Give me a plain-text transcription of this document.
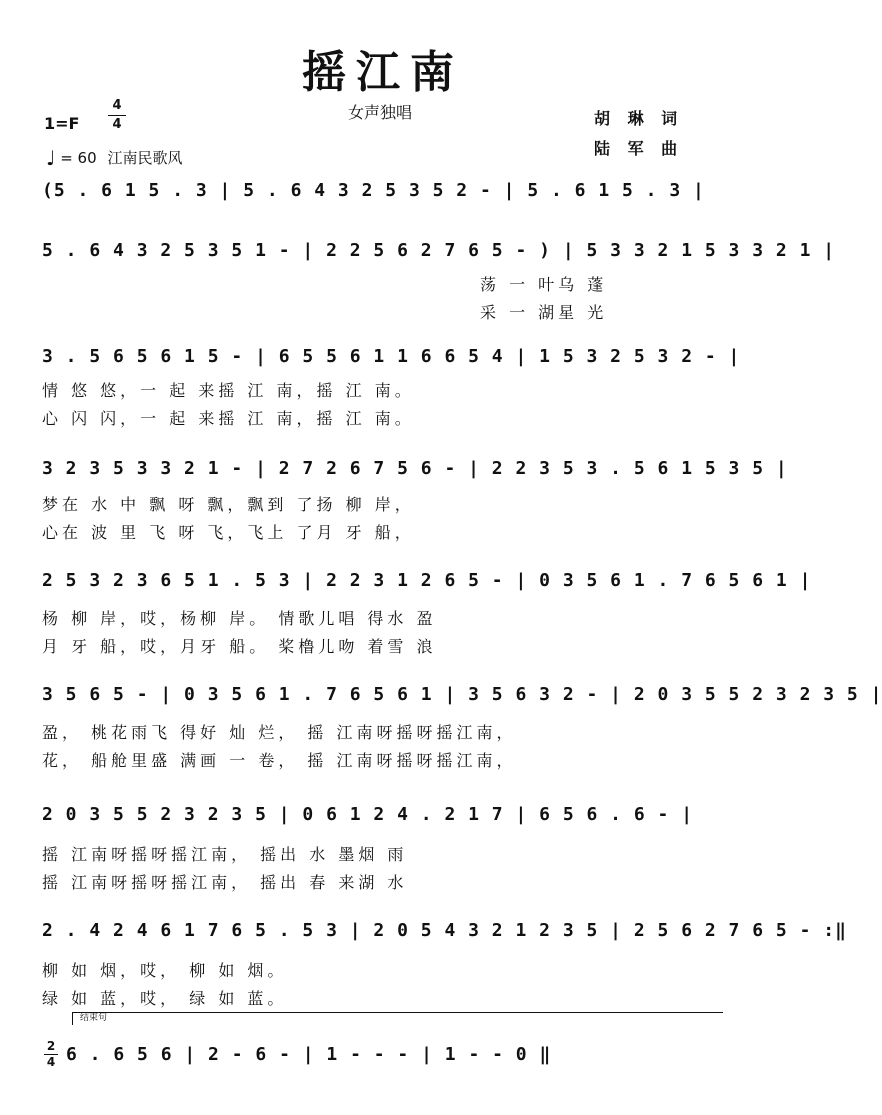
摇江南
女声独唱
1=F
4
4
♩ = 60 江南民歌风
胡 琳 词
陆 军 曲
(5 . 6 1 5 . 3 | 5 . 6 4 3 2 5 3 5 2 - | 5 . 6 1 5 . 3 |
5 . 6 4 3 2 5 3 5 1 - | 2 2 5 6 2 7 6 5 - ) | 5 3 3 2 1 5 3 3 2 1 |
荡 一 叶乌 蓬
采 一 湖星 光
3 . 5 6 5 6 1 5 - | 6 5 5 6 1 1 6 6 5 4 | 1 5 3 2 5 3 2 - |
情 悠 悠，一 起 来摇 江 南，摇 江 南。
心 闪 闪，一 起 来摇 江 南，摇 江 南。
3 2 3 5 3 3 2 1 - | 2 7 2 6 7 5 6 - | 2 2 3 5 3 . 5 6 1 5 3 5 |
梦在 水 中 飘 呀 飘，飘到 了扬 柳 岸，
心在 波 里 飞 呀 飞，飞上 了月 牙 船，
2 5 3 2 3 6 5 1 . 5 3 | 2 2 3 1 2 6 5 - | 0 3 5 6 1 . 7 6 5 6 1 |
杨 柳 岸，哎，杨柳 岸。 情歌儿唱 得水 盈
月 牙 船，哎，月牙 船。 桨橹儿吻 着雪 浪
3 5 6 5 - | 0 3 5 6 1 . 7 6 5 6 1 | 3 5 6 3 2 - | 2 0 3 5 5 2 3 2 3 5 |
盈， 桃花雨飞 得好 灿 烂， 摇 江南呀摇呀摇江南，
花， 船舱里盛 满画 一 卷， 摇 江南呀摇呀摇江南，
2 0 3 5 5 2 3 2 3 5 | 0 6 1 2 4 . 2 1 7 | 6 5 6 . 6 - |
摇 江南呀摇呀摇江南， 摇出 水 墨烟 雨
摇 江南呀摇呀摇江南， 摇出 春 来湖 水
2 . 4 2 4 6 1 7 6 5 . 5 3 | 2 0 5 4 3 2 1 2 3 5 | 2 5 6 2 7 6 5 - :‖
柳 如 烟，哎， 柳 如 烟。
绿 如 蓝，哎， 绿 如 蓝。
结束句
2
4 6 . 6 5 6 | 2 - 6 - | 1 - - - | 1 - - 0 ‖
